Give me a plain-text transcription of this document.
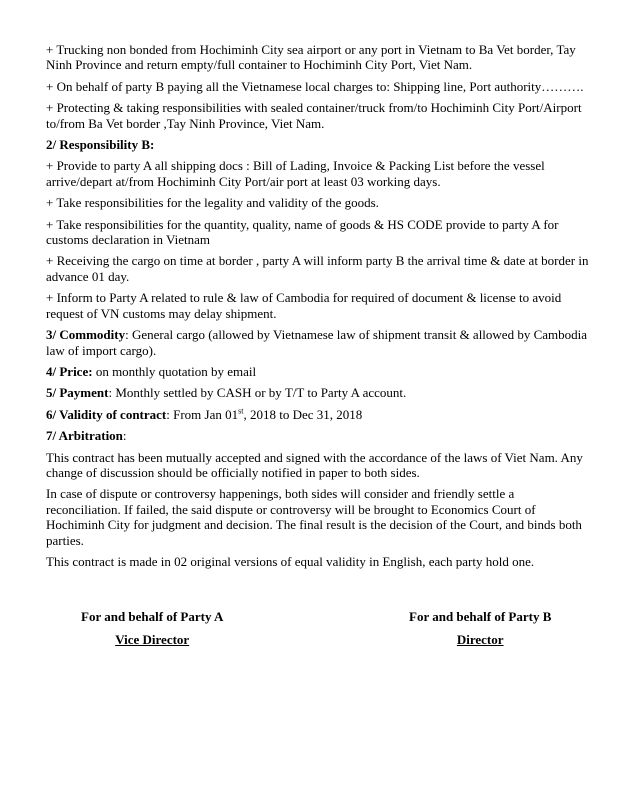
+ Trucking non bonded from Hochiminh City sea airport or any port in Vietnam to Ba Vet border, Tay Ninh Province and return empty/full container to Hochiminh City Port, Viet Nam.

+ On behalf of party B paying all the Vietnamese local charges to: Shipping line, Port authority……….

+ Protecting & taking responsibilities with sealed container/truck from/to Hochiminh City Port/Airport to/from Ba Vet border ,Tay Ninh Province, Viet Nam.

2/ Responsibility B:

+ Provide to party A all shipping docs : Bill of Lading, Invoice & Packing List before the vessel arrive/depart at/from Hochiminh City Port/air port at least 03 working days.

+ Take responsibilities for the legality and validity of the goods.

+ Take responsibilities for the quantity, quality, name of goods & HS CODE provide to party A for customs declaration in Vietnam

+ Receiving the cargo on time at border , party A will inform party B the arrival time & date at border in advance 01 day.

+ Inform to Party A related to rule & law of Cambodia for required of document & license to avoid request of VN customs may delay shipment.

3/ Commodity: General cargo (allowed by Vietnamese law of shipment transit & allowed by Cambodia law of import cargo).

4/ Price: on monthly quotation by email

5/ Payment: Monthly settled by CASH or by T/T to Party A account.

6/ Validity of contract: From Jan 01st, 2018 to Dec 31, 2018

7/ Arbitration:

This contract has been mutually accepted and signed with the accordance of the laws of Viet Nam. Any change of discussion should be officially notified in paper to both sides.

In case of dispute or controversy happenings, both sides will consider and friendly settle a reconciliation. If failed, the said dispute or controversy will be brought to Economics Court of Hochiminh City for judgment and decision. The final result is the decision of the Court, and binds both parties.

This contract is made in 02 original versions of equal validity in English, each party hold one.

For and behalf of Party A
Vice Director
For and behalf of Party B
Director
